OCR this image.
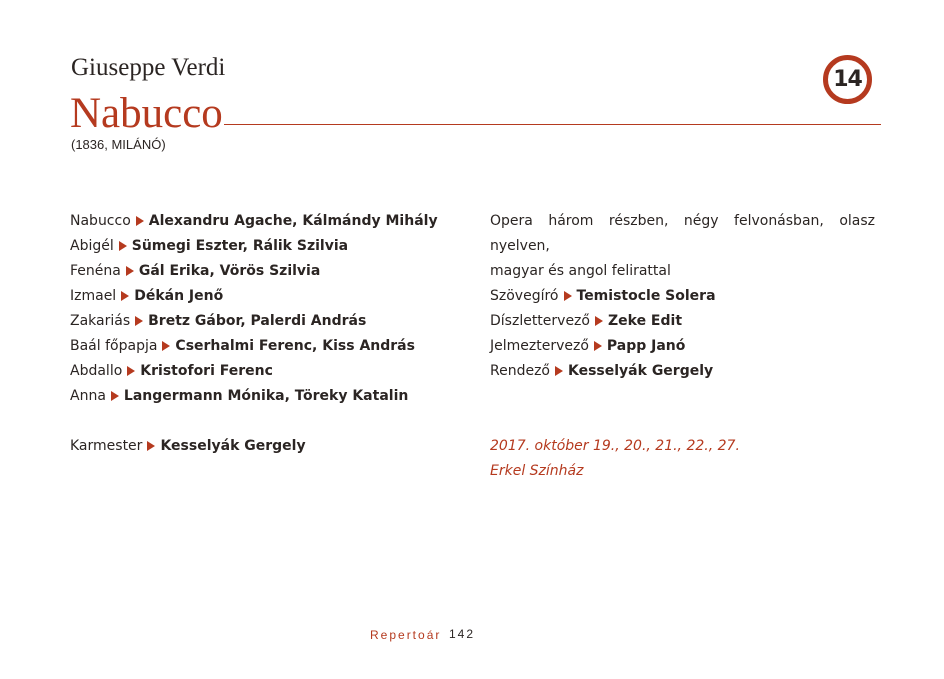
Giuseppe Verdi
Nabucco
(1836, MILÁNÓ)
14
Nabucco Alexandru Agache, Kálmándy Mihály
Abigél Sümegi Eszter, Rálik Szilvia
Fenéna Gál Erika, Vörös Szilvia
Izmael Dékán Jenő
Zakariás Bretz Gábor, Palerdi András
Baál főpapja Cserhalmi Ferenc, Kiss András
Abdallo Kristofori Ferenc
Anna Langermann Mónika, Töreky Katalin
Karmester Kesselyák Gergely
Opera három részben, négy felvonásban, olasz nyelven,
magyar és angol felirattal
Szövegíró Temistocle Solera
Díszlettervező Zeke Edit
Jelmeztervező Papp Janó
Rendező Kesselyák Gergely
2017. október 19., 20., 21., 22., 27.
Erkel Színház
Repertoár 142
